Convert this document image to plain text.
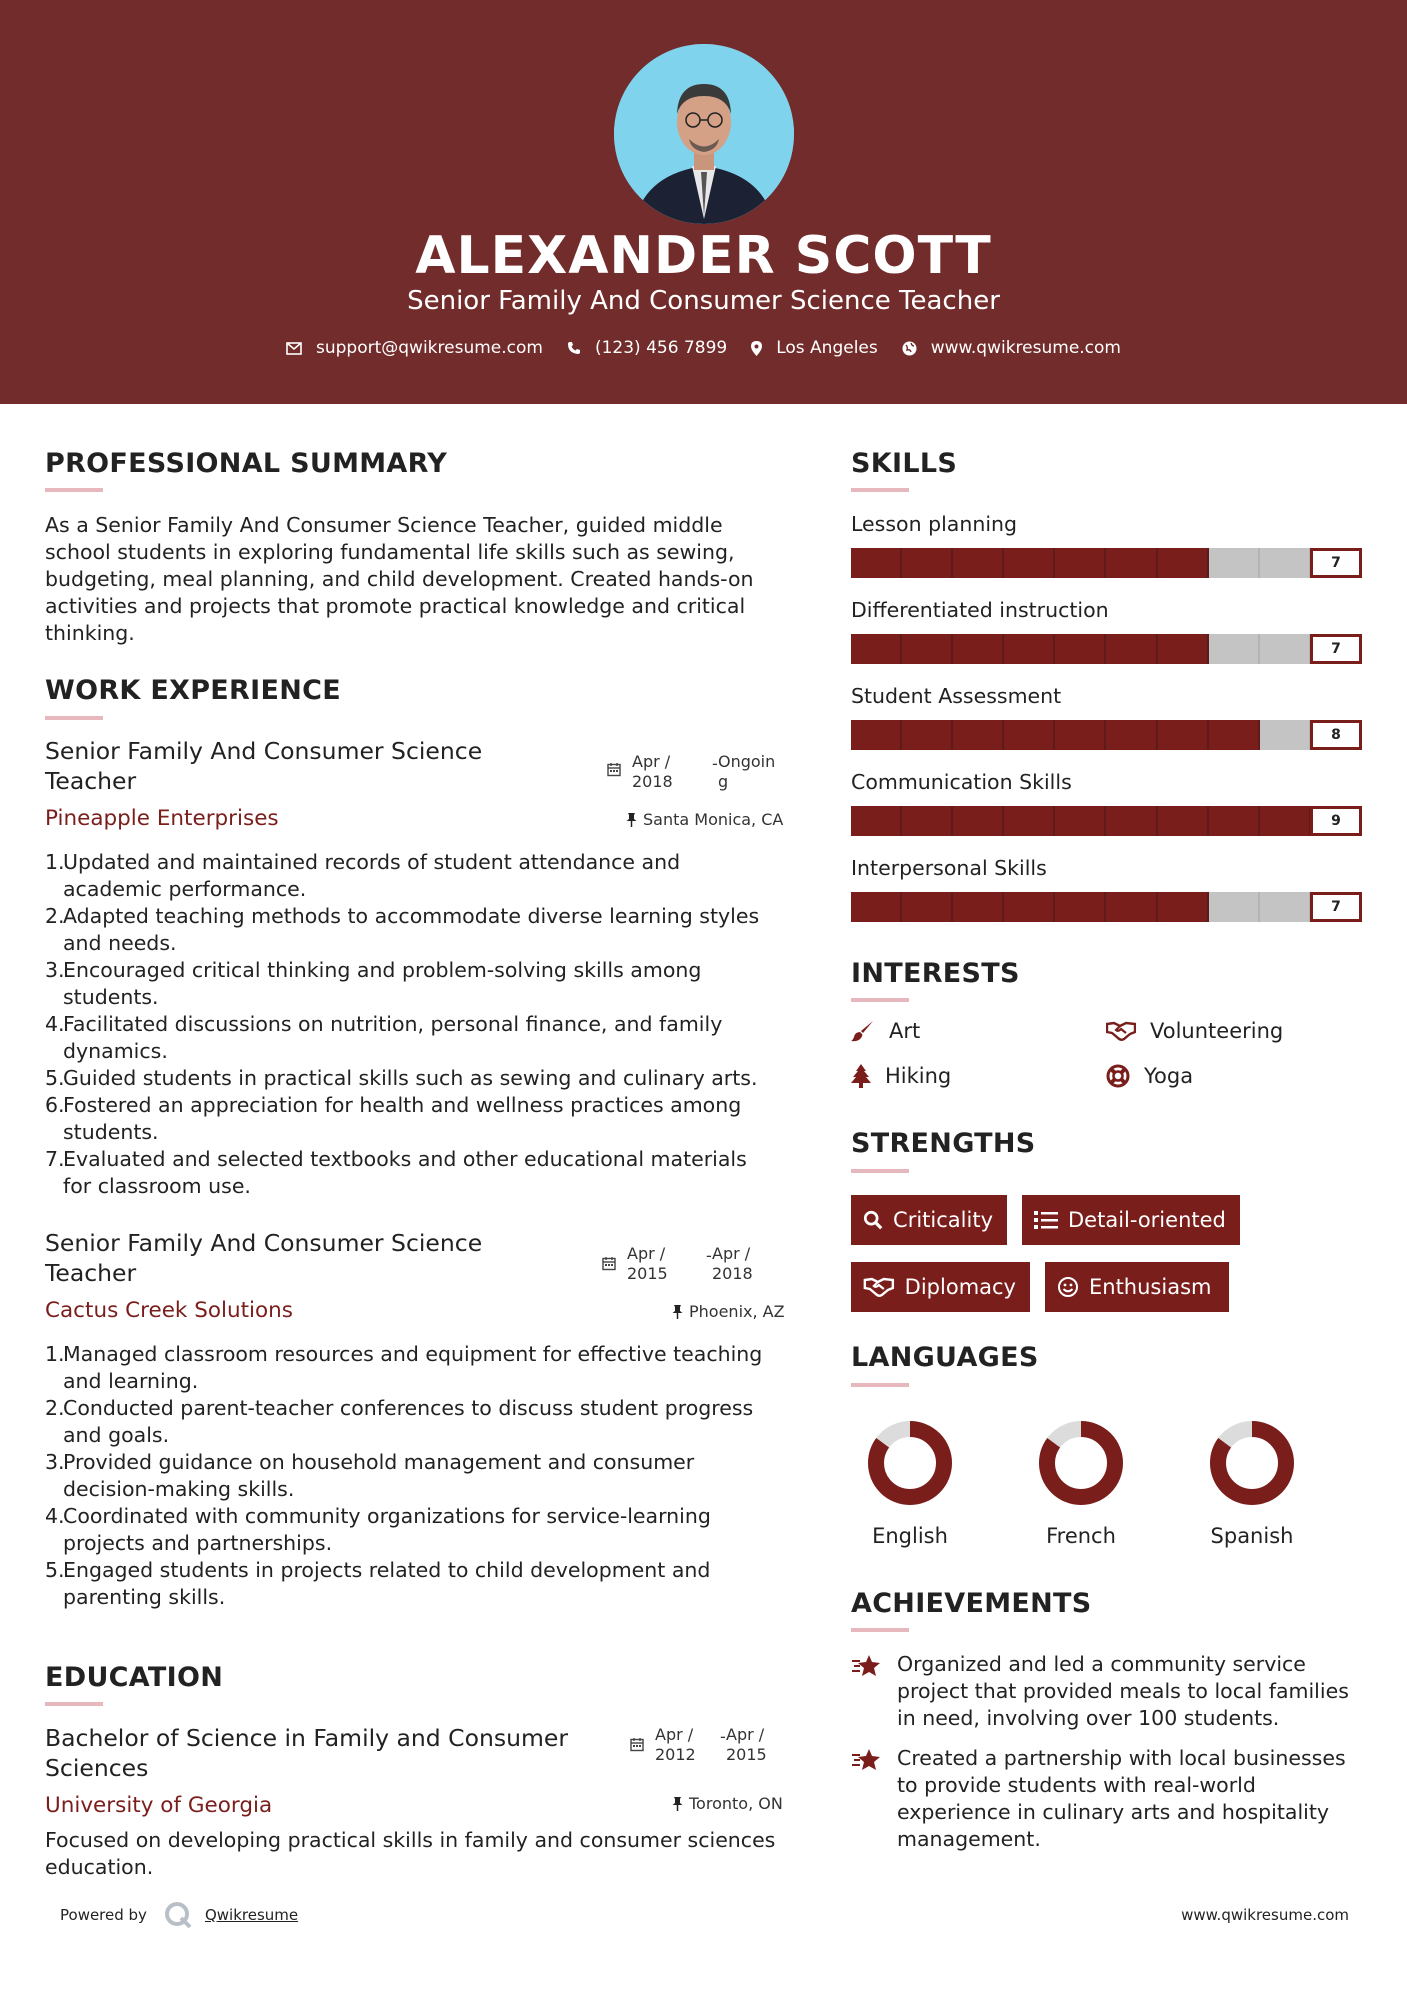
ALEXANDER SCOTT
Senior Family And Consumer Science Teacher
support@qwikresume.com	(123) 456 7899	Los Angeles	www.qwikresume.com
PROFESSIONAL SUMMARY
As a Senior Family And Consumer Science Teacher, guided middle
school students in exploring fundamental life skills such as sewing,
budgeting, meal planning, and child development. Created hands-on
activities and projects that promote practical knowledge and critical
thinking.
WORK EXPERIENCE
Senior Family And Consumer Science
Teacher
Apr /
2018
- Ongoin
g
Pineapple Enterprises	Santa Monica, CA
1.
Updated and maintained records of student attendance and
academic performance.
2.
Adapted teaching methods to accommodate diverse learning styles
and needs.
3.
Encouraged critical thinking and problem-solving skills among
students.
4.
Facilitated discussions on nutrition, personal finance, and family
dynamics.
5.
Guided students in practical skills such as sewing and culinary arts.
6.
Fostered an appreciation for health and wellness practices among
students.
7.
Evaluated and selected textbooks and other educational materials
for classroom use.
Senior Family And Consumer Science
Teacher
Apr /
2015
- Apr /
2018
Cactus Creek Solutions	Phoenix, AZ
1.
Managed classroom resources and equipment for effective teaching
and learning.
2.
Conducted parent-teacher conferences to discuss student progress
and goals.
3.
Provided guidance on household management and consumer
decision-making skills.
4.
Coordinated with community organizations for service-learning
projects and partnerships.
5.
Engaged students in projects related to child development and
parenting skills.
EDUCATION
Bachelor of Science in Family and Consumer
Sciences
Apr /
2012
- Apr /
2015
University of Georgia	Toronto, ON
Focused on developing practical skills in family and consumer sciences
education.
SKILLS
Lesson planning
7
Differentiated instruction
7
Student Assessment
8
Communication Skills
9
Interpersonal Skills
7
INTERESTS
Art	Volunteering
Hiking	Yoga
STRENGTHS
Criticality	Detail-oriented
Diplomacy	Enthusiasm
LANGUAGES
English	French	Spanish
ACHIEVEMENTS
Organized and led a community service
project that provided meals to local families
in need, involving over 100 students.
Created a partnership with local businesses
to provide students with real-world
experience in culinary arts and hospitality
management.
Powered by	Qwikresume	www.qwikresume.com
